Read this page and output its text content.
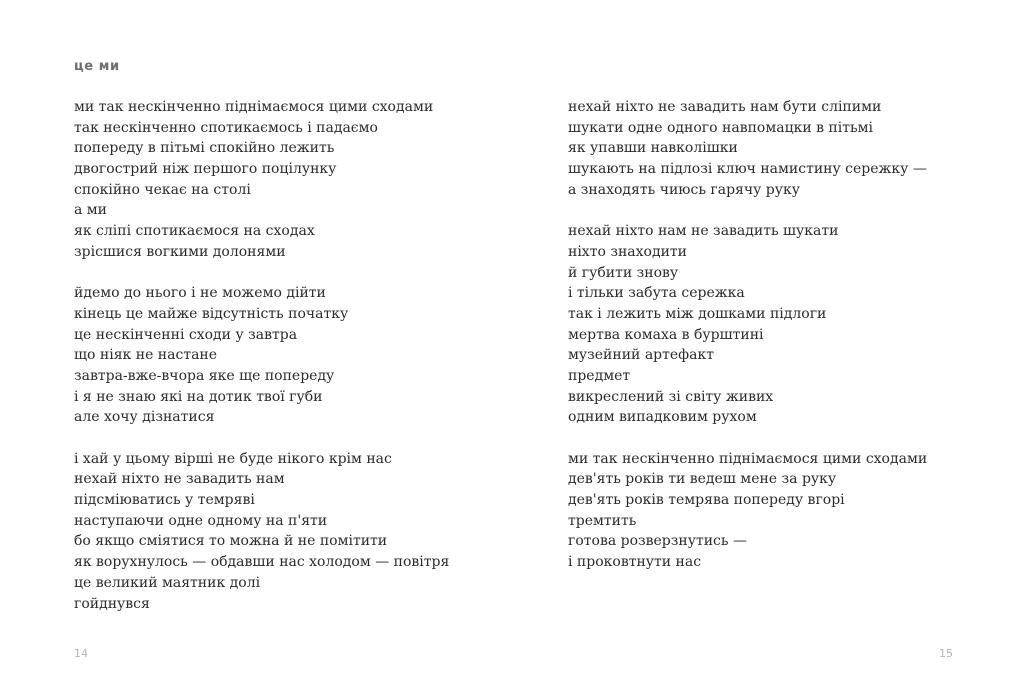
це ми
ми так нескінченно піднімаємося цими сходами
так нескінченно спотикаємось і падаємо
попереду в пітьмі спокійно лежить
двогострий ніж першого поцілунку
спокійно чекає на столі
а ми
як сліпі спотикаємося на сходах
зрісшися вогкими долонями
йдемо до нього і не можемо дійти
кінець це майже відсутність початку
це нескінченні сходи у завтра
що ніяк не настане
завтра-вже-вчора яке ще попереду
і я не знаю які на дотик твої губи
але хочу дізнатися
і хай у цьому вірші не буде нікого крім нас
нехай ніхто не завадить нам
підсміюватись у темряві
наступаючи одне одному на п'яти
бо якщо сміятися то можна й не помітити
як ворухнулось — обдавши нас холодом — повітря
це великий маятник долі
гойднувся
14
нехай ніхто не завадить нам бути сліпими
шукати одне одного навпомацки в пітьмі
як упавши навколішки
шукають на підлозі ключ намистину сережку —
а знаходять чиюсь гарячу руку
нехай ніхто нам не завадить шукати
ніхто знаходити
й губити знову
і тільки забута сережка
так і лежить між дошками підлоги
мертва комаха в бурштині
музейний артефакт
предмет
викреслений зі світу живих
одним випадковим рухом
ми так нескінченно піднімаємося цими сходами
дев'ять років ти ведеш мене за руку
дев'ять років темрява попереду вгорі
тремтить
готова розверзнутись —
і проковтнути нас
15
